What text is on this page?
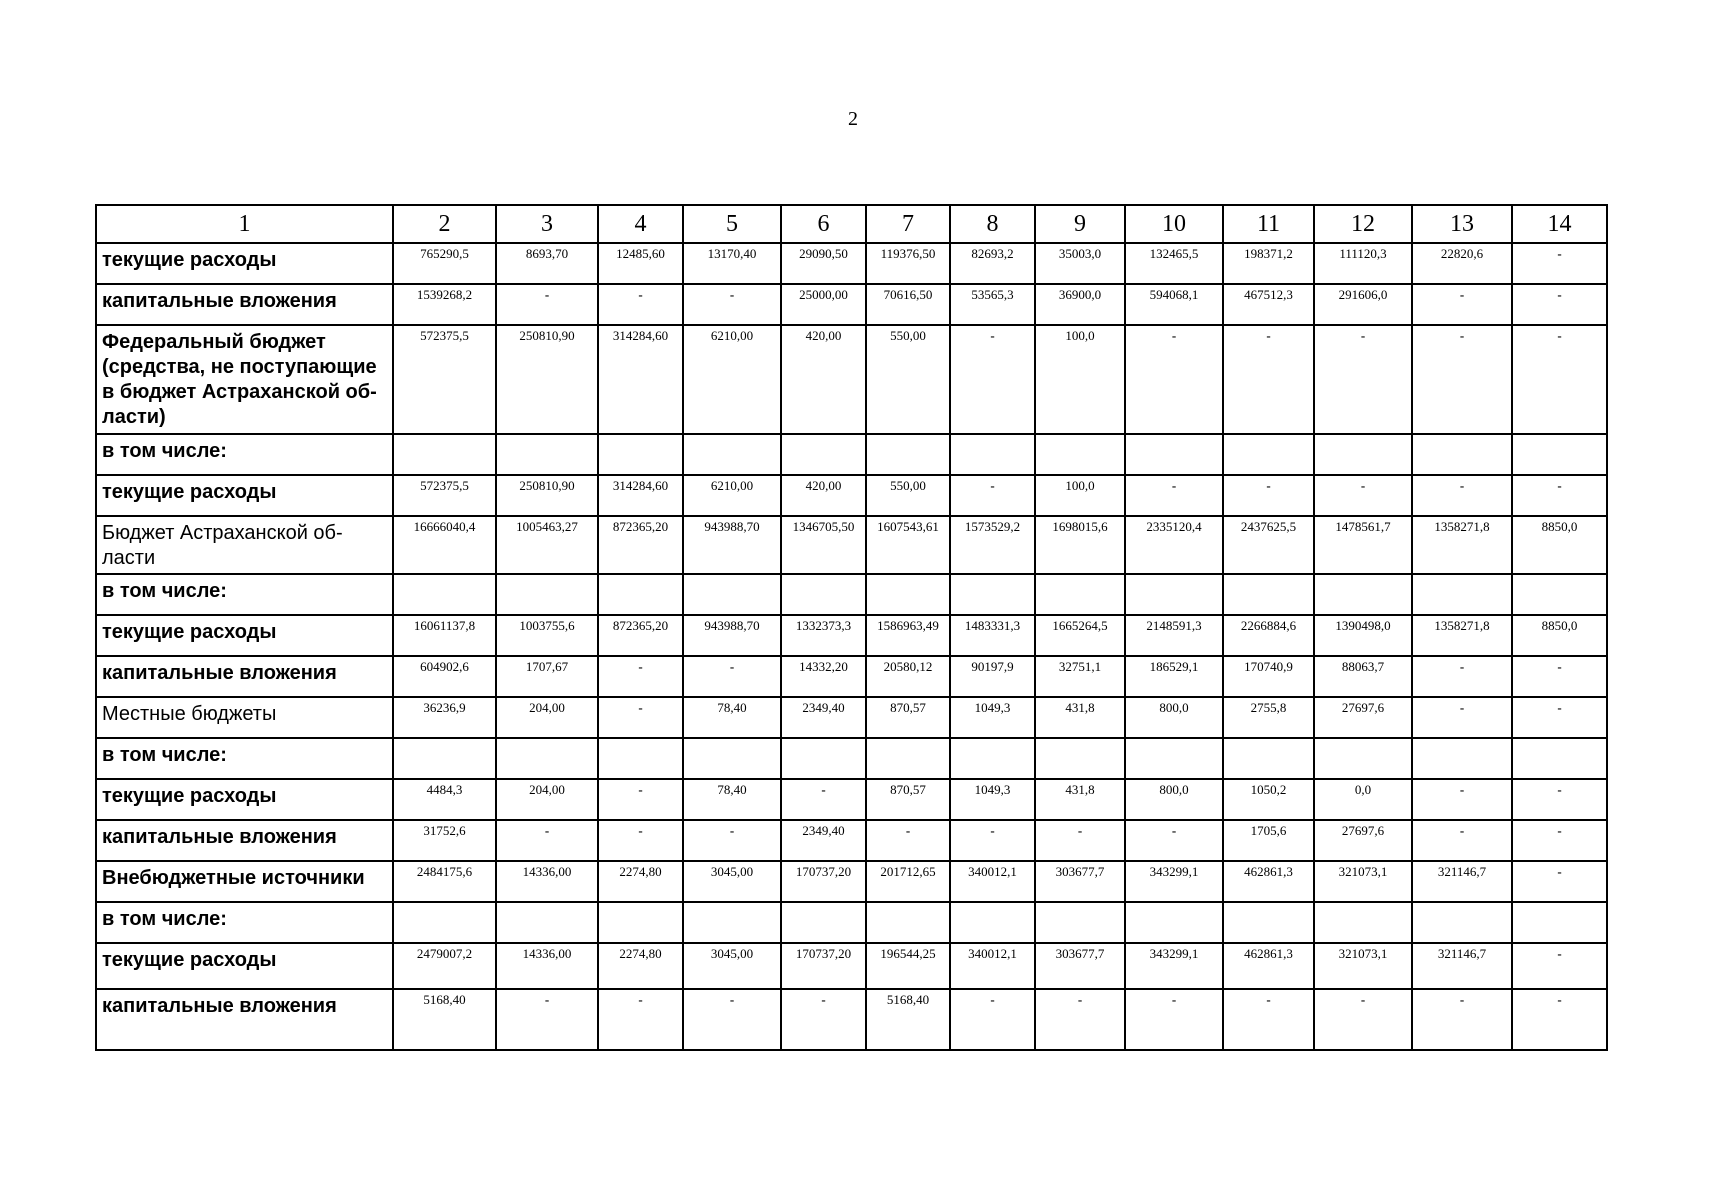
2
1	2	3	4	5	6	7	8	9	10	11	12	13	14
текущие расходы	765290,5	8693,70	12485,60	13170,40	29090,50	119376,50	82693,2	35003,0	132465,5	198371,2	111120,3	22820,6	-
капитальные вложения	1539268,2	-	-	-	25000,00	70616,50	53565,3	36900,0	594068,1	467512,3	291606,0	-	-
Федеральный бюджет (средства, не поступающие в бюджет Астраханской об-ласти)	572375,5	250810,90	314284,60	6210,00	420,00	550,00	-	100,0	-	-	-	-	-
в том числе:													
текущие расходы	572375,5	250810,90	314284,60	6210,00	420,00	550,00	-	100,0	-	-	-	-	-
Бюджет Астраханской об-ласти	16666040,4	1005463,27	872365,20	943988,70	1346705,50	1607543,61	1573529,2	1698015,6	2335120,4	2437625,5	1478561,7	1358271,8	8850,0
в том числе:													
текущие расходы	16061137,8	1003755,6	872365,20	943988,70	1332373,3	1586963,49	1483331,3	1665264,5	2148591,3	2266884,6	1390498,0	1358271,8	8850,0
капитальные вложения	604902,6	1707,67	-	-	14332,20	20580,12	90197,9	32751,1	186529,1	170740,9	88063,7	-	-
Местные бюджеты	36236,9	204,00	-	78,40	2349,40	870,57	1049,3	431,8	800,0	2755,8	27697,6	-	-
в том числе:													
текущие расходы	4484,3	204,00	-	78,40	-	870,57	1049,3	431,8	800,0	1050,2	0,0	-	-
капитальные вложения	31752,6	-	-	-	2349,40	-	-	-	-	1705,6	27697,6	-	-
Внебюджетные источники	2484175,6	14336,00	2274,80	3045,00	170737,20	201712,65	340012,1	303677,7	343299,1	462861,3	321073,1	321146,7	-
в том числе:													
текущие расходы	2479007,2	14336,00	2274,80	3045,00	170737,20	196544,25	340012,1	303677,7	343299,1	462861,3	321073,1	321146,7	-
капитальные вложения	5168,40	-	-	-	-	5168,40	-	-	-	-	-	-	-
